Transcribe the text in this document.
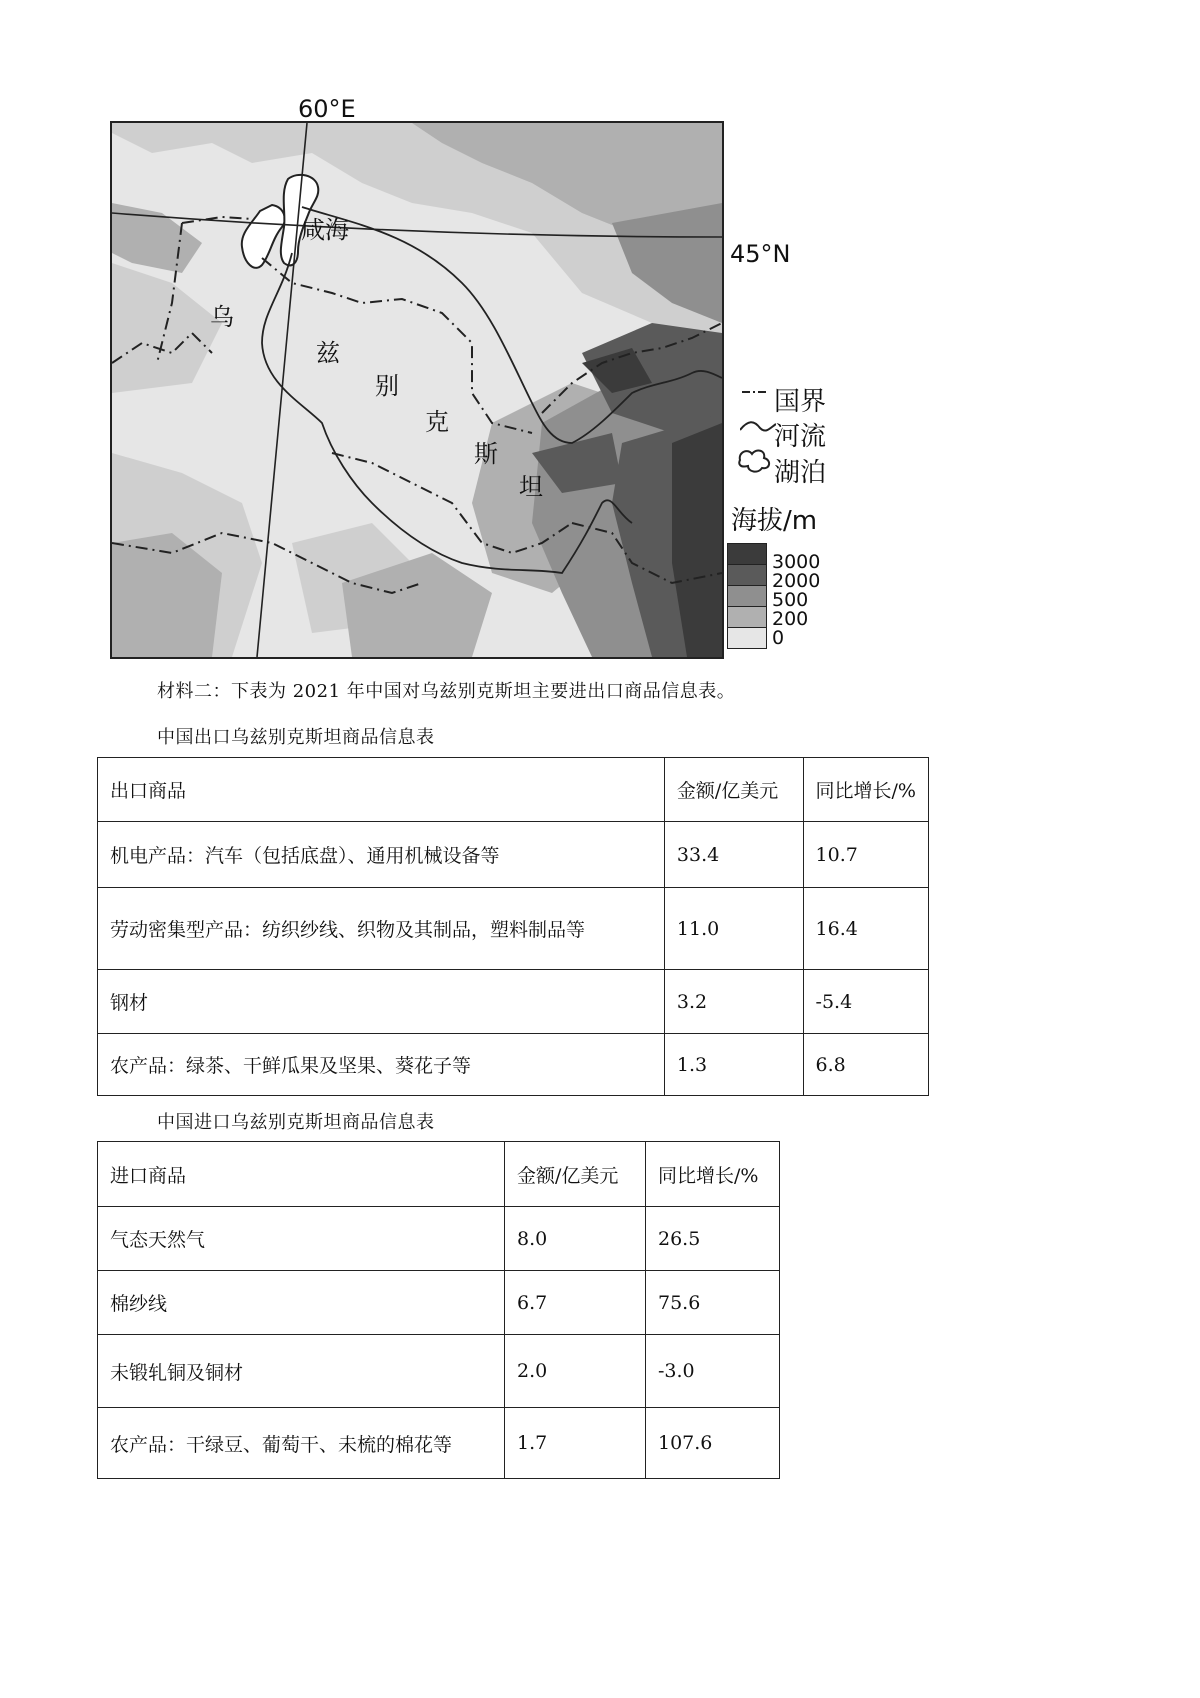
60°E
咸海
45°N
乌
兹
别
克
斯
坦
国界
河流
湖泊
海拔/m
3000
2000
500
200
0
材料二：下表为 2021 年中国对乌兹别克斯坦主要进出口商品信息表。
中国出口乌兹别克斯坦商品信息表
出口商品	金额/亿美元	同比增长/%
机电产品：汽车（包括底盘）、通用机械设备等	33.4	10.7
劳动密集型产品：纺织纱线、织物及其制品，塑料制品等	11.0	16.4
钢材	3.2	-5.4
农产品：绿茶、干鲜瓜果及坚果、葵花子等	1.3	6.8
中国进口乌兹别克斯坦商品信息表
进口商品	金额/亿美元	同比增长/%
气态天然气	8.0	26.5
棉纱线	6.7	75.6
未锻轧铜及铜材	2.0	-3.0
农产品：干绿豆、葡萄干、未梳的棉花等	1.7	107.6
